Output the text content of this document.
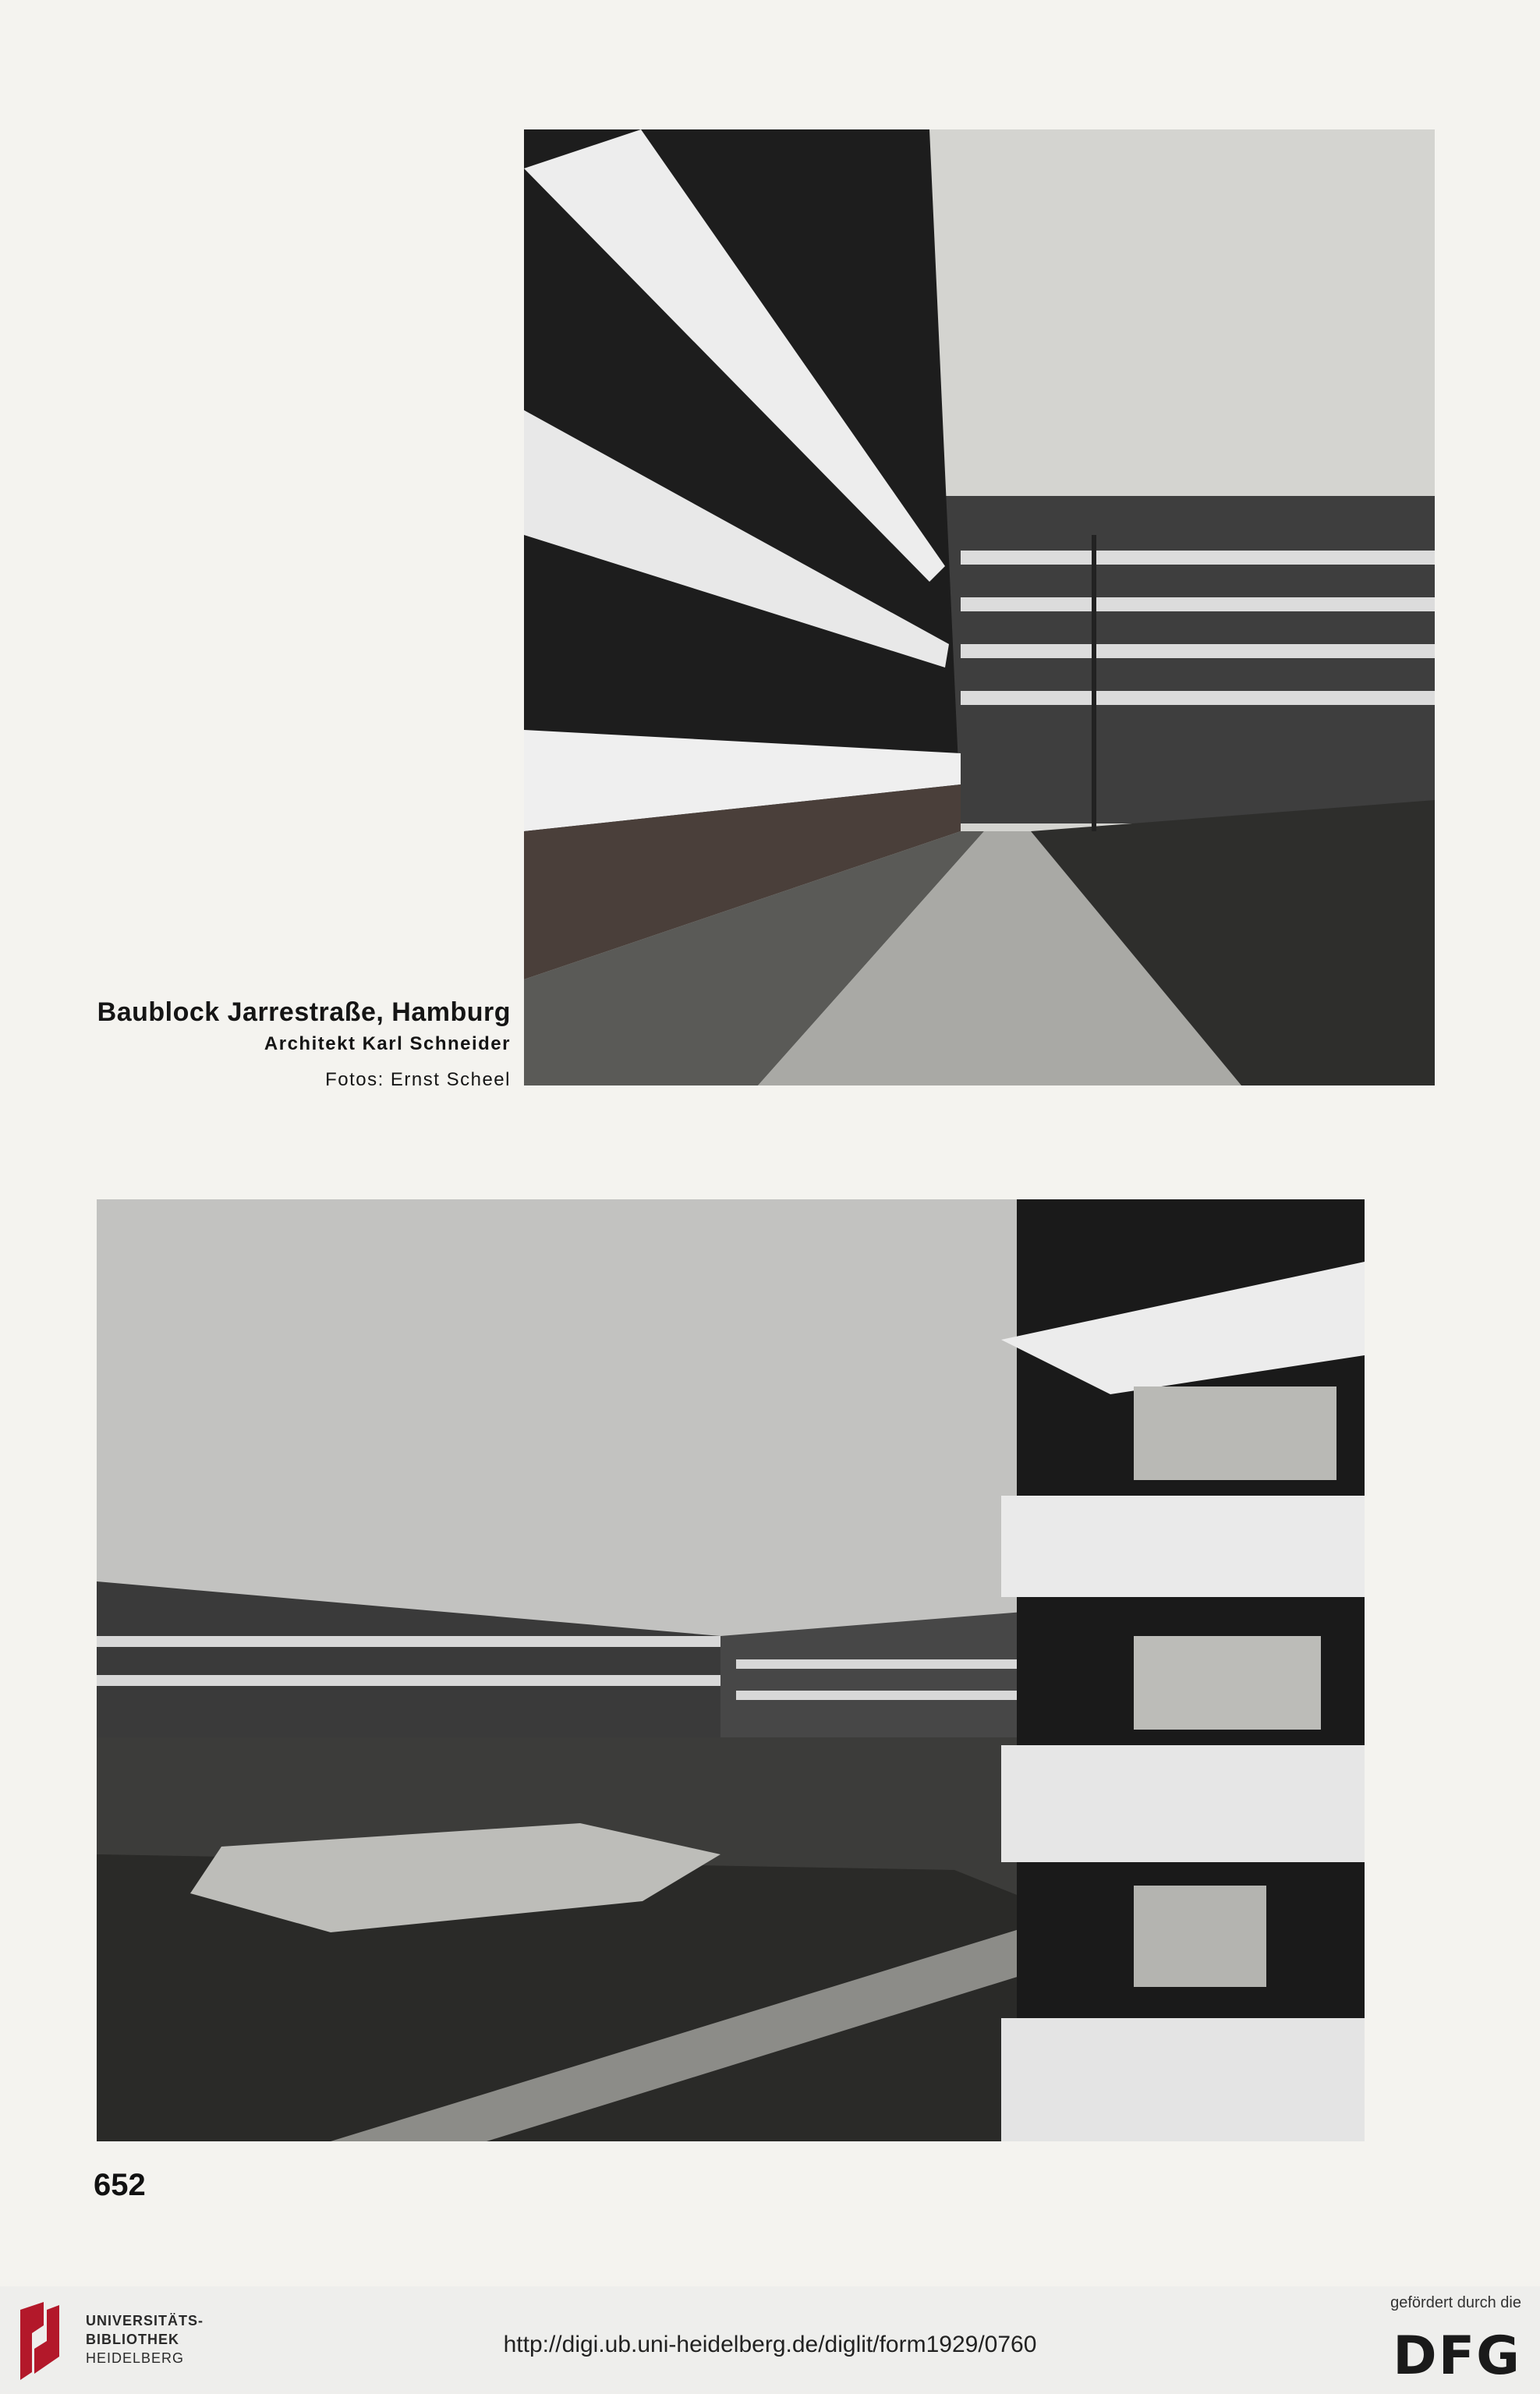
Baublock Jarrestraße, Hamburg
Architekt Karl Schneider
Fotos: Ernst Scheel
652
UNIVERSITÄTS-
BIBLIOTHEK
HEIDELBERG
http://digi.ub.uni-heidelberg.de/diglit/form1929/0760
gefördert durch die
DFG
